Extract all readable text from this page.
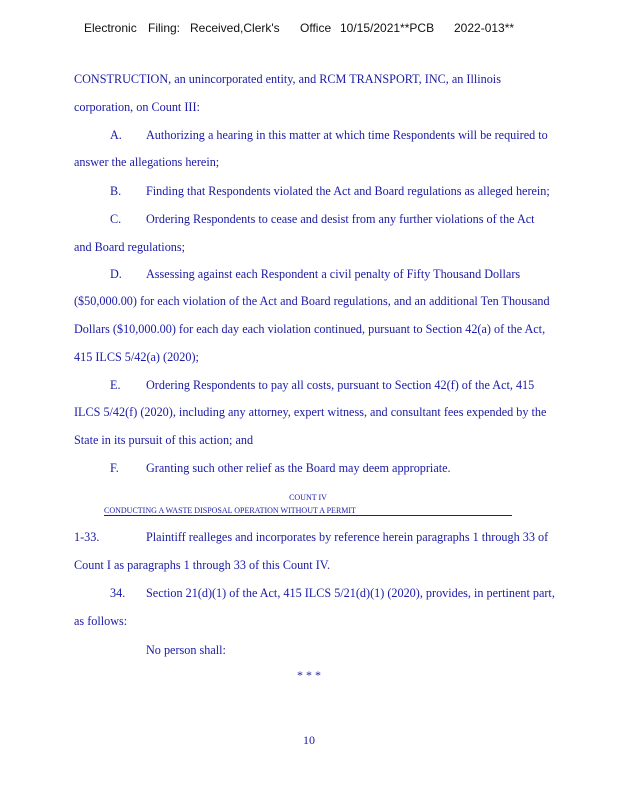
Electronic Filing: Received,Clerk's Office 10/15/2021**PCB 2022-013**
CONSTRUCTION, an unincorporated entity, and RCM TRANSPORT, INC, an Illinois
corporation, on Count III:
A. Authorizing a hearing in this matter at which time Respondents will be required to
answer the allegations herein;
B. Finding that Respondents violated the Act and Board regulations as alleged herein;
C. Ordering Respondents to cease and desist from any further violations of the Act
and Board regulations;
D. Assessing against each Respondent a civil penalty of Fifty Thousand Dollars
($50,000.00) for each violation of the Act and Board regulations, and an additional Ten Thousand
Dollars ($10,000.00) for each day each violation continued, pursuant to Section 42(a) of the Act,
415 ILCS 5/42(a) (2020);
E. Ordering Respondents to pay all costs, pursuant to Section 42(f) of the Act, 415
ILCS 5/42(f) (2020), including any attorney, expert witness, and consultant fees expended by the
State in its pursuit of this action; and
F. Granting such other relief as the Board may deem appropriate.
1-33.	Plaintiff realleges and incorporates by reference herein paragraphs 1 through 33 of
Count I as paragraphs 1 through 33 of this Count IV.
34. Section 21(d)(1) of the Act, 415 ILCS 5/21(d)(1) (2020), provides, in pertinent part,
as follows:
No person shall:
COUNT IV
CONDUCTING A WASTE DISPOSAL OPERATION WITHOUT A PERMIT
* * *
10
